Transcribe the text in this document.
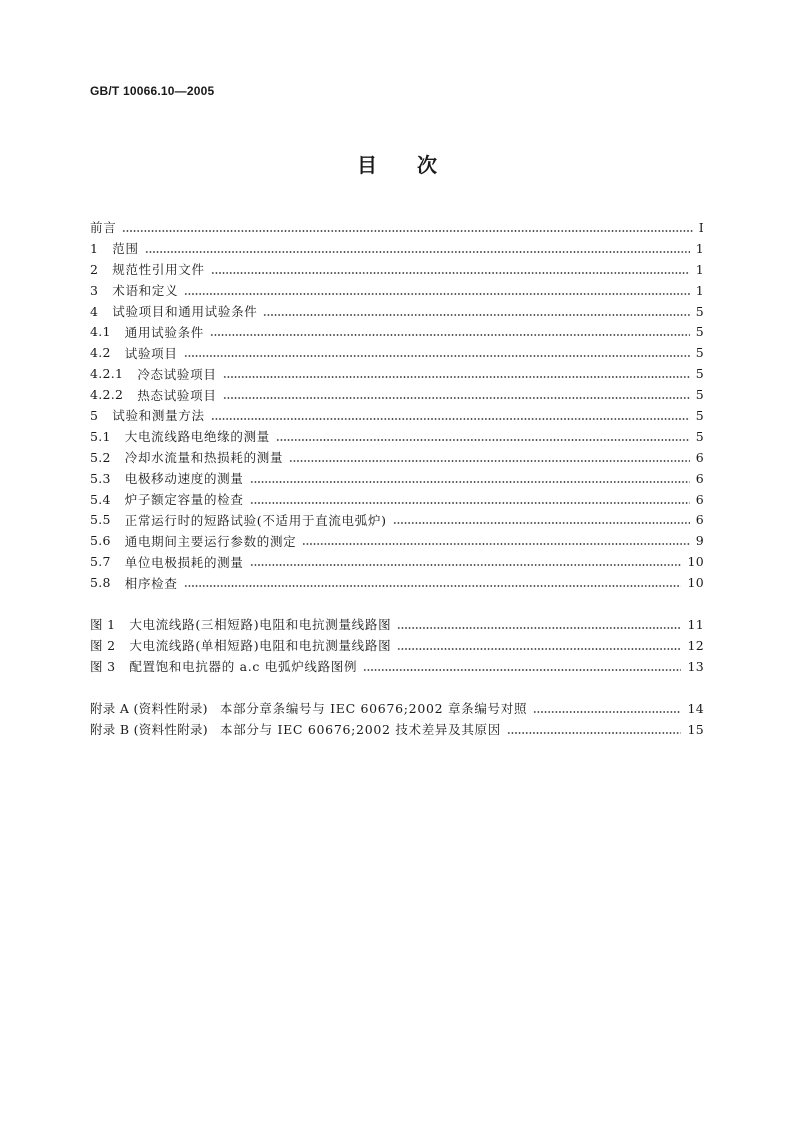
GB/T 10066.10—2005
目　　次
前言	Ⅰ
1 范围	1
2 规范性引用文件	1
3 术语和定义	1
4 试验项目和通用试验条件	5
4.1 通用试验条件	5
4.2 试验项目	5
4.2.1 冷态试验项目	5
4.2.2 热态试验项目	5
5 试验和测量方法	5
5.1 大电流线路电绝缘的测量	5
5.2 冷却水流量和热损耗的测量	6
5.3 电极移动速度的测量	6
5.4 炉子额定容量的检查	6
5.5 正常运行时的短路试验(不适用于直流电弧炉)	6
5.6 通电期间主要运行参数的测定	9
5.7 单位电极损耗的测量	10
5.8 相序检查	10
图 1 大电流线路(三相短路)电阻和电抗测量线路图	11
图 2 大电流线路(单相短路)电阻和电抗测量线路图	12
图 3 配置饱和电抗器的 a.c 电弧炉线路图例	13
附录 A (资料性附录) 本部分章条编号与 IEC 60676;2002 章条编号对照	14
附录 B (资料性附录) 本部分与 IEC 60676;2002 技术差异及其原因	15
